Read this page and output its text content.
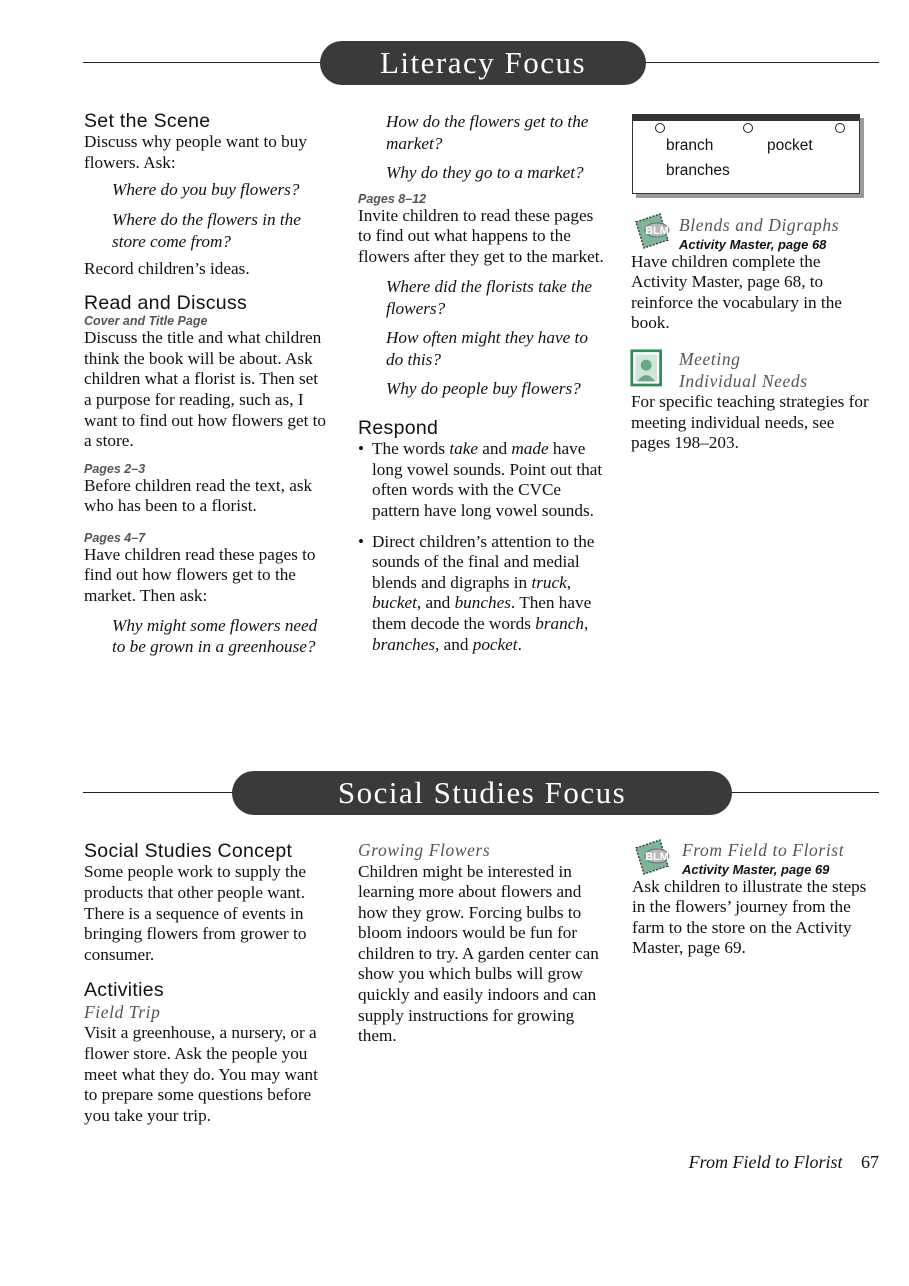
Literacy Focus

Set the Scene

Discuss why people want to buy flowers. Ask:

Where do you buy flowers?

Where do the flowers in the store come from?

Record children’s ideas.

Read and Discuss

Cover and Title Page

Discuss the title and what children think the book will be about. Ask children what a florist is. Then set a purpose for reading, such as, I want to find out how flowers get to a store.

Pages 2–3

Before children read the text, ask who has been to a florist.

Pages 4–7

Have children read these pages to find out how flowers get to the market. Then ask:

Why might some flowers need to be grown in a greenhouse?

How do the flowers get to the market?

Why do they go to a market?

Pages 8–12

Invite children to read these pages to find out what happens to the flowers after they get to the market.

Where did the florists take the flowers?

How often might they have to do this?

Why do people buy flowers?

Respond

• The words take and made have long vowel sounds. Point out that often words with the CVCe pattern have long vowel sounds.

• Direct children’s attention to the sounds of the final and medial blends and digraphs in truck, bucket, and bunches. Then have them decode the words branch, branches, and pocket.

branch	pocket
branches
BLM Blends and Digraphs

Activity Master, page 68

Have children complete the Activity Master, page 68, to reinforce the vocabulary in the book.

Meeting

Individual Needs

For specific teaching strategies for meeting individual needs, see pages 198–203.

Social Studies Focus

Social Studies Concept

Some people work to supply the products that other people want. There is a sequence of events in bringing flowers from grower to consumer.

Activities

Field Trip

Visit a greenhouse, a nursery, or a flower store. Ask the people you meet what they do. You may want to prepare some questions before you take your trip.

Growing Flowers

Children might be interested in learning more about flowers and how they grow. Forcing bulbs to bloom indoors would be fun for children to try. A garden center can show you which bulbs will grow quickly and easily indoors and can supply instructions for growing them.

BLM From Field to Florist

Activity Master, page 69

Ask children to illustrate the steps in the flowers’ journey from the farm to the store on the Activity Master, page 69.

From Field to Florist 67
